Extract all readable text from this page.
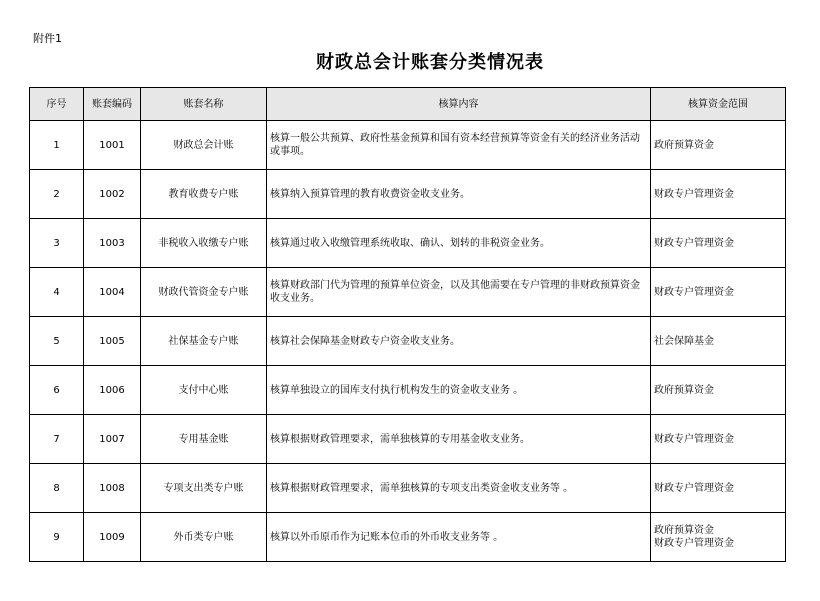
附件1
财政总会计账套分类情况表
序号	账套编码	账套名称	核算内容	核算资金范围
1	1001	财政总会计账	核算一般公共预算、政府性基金预算和国有资本经营预算等资金有关的经济业务活动或事项。	政府预算资金

2	1002	教育收费专户账	核算纳入预算管理的教育收费资金收支业务。	财政专户管理资金

3	1003	非税收入收缴专户账	核算通过收入收缴管理系统收取、确认、划转的非税资金业务。	财政专户管理资金

4	1004	财政代管资金专户账	核算财政部门代为管理的预算单位资金，以及其他需要在专户管理的非财政预算资金收支业务。	财政专户管理资金

5	1005	社保基金专户账	核算社会保障基金财政专户资金收支业务。	社会保障基金

6	1006	支付中心账	核算单独设立的国库支付执行机构发生的资金收支业务 。	政府预算资金

7	1007	专用基金账	核算根据财政管理要求，需单独核算的专用基金收支业务。	财政专户管理资金

8	1008	专项支出类专户账	核算根据财政管理要求，需单独核算的专项支出类资金收支业务等 。	财政专户管理资金

9	1009	外币类专户账	核算以外币原币作为记账本位币的外币收支业务等 。	政府预算资金
财政专户管理资金
